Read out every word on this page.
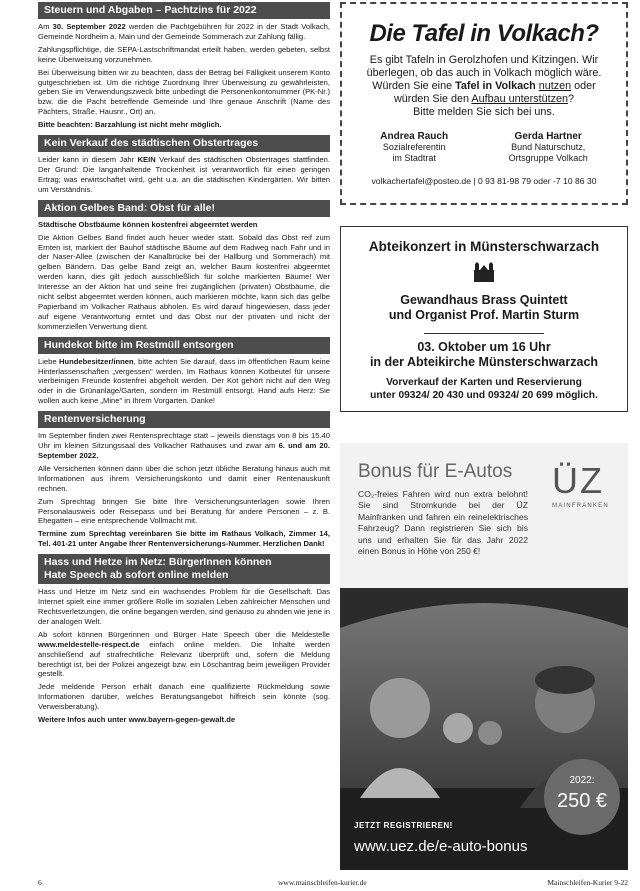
Steuern und Abgaben – Pachtzins für 2022

Am 30. September 2022 werden die Pachtgebühren für 2022 in der Stadt Volkach, Gemeinde Nordheim a. Main und der Gemeinde Sommerach zur Zahlung fällig.

Zahlungspflichtige, die SEPA-Lastschriftmandat erteilt haben, werden gebeten, selbst keine Überweisung vorzunehmen.

Bei Überweisung bitten wir zu beachten, dass der Betrag bei Fälligkeit unserem Konto gutgeschrieben ist. Um die richtige Zuordnung Ihrer Überweisung zu gewährleisten, geben Sie im Verwendungszweck bitte unbedingt die Personenkontonummer (PK-Nr.) bzw. die die Pacht betreffende Gemeinde und Ihre genaue Anschrift (Name des Pächters, Straße, Hausnr., Ort) an.

Bitte beachten: Barzahlung ist nicht mehr möglich.

Kein Verkauf des städtischen Obstertrages

Leider kann in diesem Jahr KEIN Verkauf des städtischen Obstertrages stattfinden. Der Grund: Die langanhaltende Trockenheit ist verantwortlich für einen geringen Ertrag; was erwirtschaftet wird, geht u.a. an die städtischen Kindergärten. Wir bitten um Verständnis.

Aktion Gelbes Band: Obst für alle!

Städtische Obstbäume können kostenfrei abgeerntet werden

Die Aktion Gelbes Band findet auch heuer wieder statt. Sobald das Obst reif zum Ernten ist, markiert der Bauhof städtische Bäume auf dem Radweg nach Fahr und in der Naser-Allee (zwischen der Kanalbrücke bei der Hallburg und Sommerach) mit gelben Bändern. Das gelbe Band zeigt an, welcher Baum kostenfrei abgeerntet werden kann, dies gilt jedoch ausschließlich für solche markierten Bäume! Wer Interesse an der Aktion hat und seine frei zugänglichen (privaten) Obstbäume, die nicht selbst abgeerntet werden können, auch markieren möchte, kann sich das gelbe Papierband im Volkacher Rathaus abholen. Es wird darauf hingewiesen, dass jeder auf eigene Verantwortung erntet und das Obst nur der privaten und nicht der kommerziellen Verwertung dient.

Hundekot bitte im Restmüll entsorgen

Liebe Hundebesitzer/innen, bitte achten Sie darauf, dass im öffentlichen Raum keine Hinterlassenschaften „vergessen" werden. Im Rathaus können Kotbeutel für unsere vierbeinigen Freunde kostenfrei abgeholt werden. Der Kot gehört nicht auf den Weg oder in die Grünanlage/Garten, sondern im Restmüll entsorgt. Hand aufs Herz: Sie wollen auch keine „Mine" in Ihrem Vorgarten. Danke!

Rentenversicherung

Im September finden zwei Rentensprechtage statt – jeweils dienstags von 8 bis 15.40 Uhr im kleinen Sitzungssaal des Volkacher Rathauses und zwar am 6. und am 20. September 2022.

Alle Versicherten können dann über die schon jetzt übliche Beratung hinaus auch mit Informationen aus ihrem Versicherungskonto und damit einer Rentenauskunft rechnen.

Zum Sprechtag bringen Sie bitte Ihre Versicherungsunterlagen sowie Ihren Personalausweis oder Reisepass und bei Beratung für andere Personen – z. B. Ehegatten – eine entsprechende Vollmacht mit.

Termine zum Sprechtag vereinbaren Sie bitte im Rathaus Volkach, Zimmer 14, Tel. 401-21 unter Angabe Ihrer Rentenversicherungs-Nummer. Herzlichen Dank!

Hass und Hetze im Netz: BürgerInnen können
Hate Speech ab sofort online melden

Hass und Hetze im Netz sind ein wachsendes Problem für die Gesellschaft. Das Internet spielt eine immer größere Rolle im sozialen Leben zahlreicher Menschen und Rechtsverletzungen, die online begangen werden, sind genauso zu ahnden wie jene in der analogen Welt.

Ab sofort können Bürgerinnen und Bürger Hate Speech über die Meldestelle www.meldestelle-respect.de einfach online melden. Die Inhalte werden anschließend auf strafrechtliche Relevanz überprüft und, sofern die Meldung berechtigt ist, bei der Polizei angezeigt bzw. ein Löschantrag beim jeweiligen Provider gestellt.

Jede meldende Person erhält danach eine qualifizierte Rückmeldung sowie Informationen darüber, welches Beratungsangebot hilfreich sein könnte (sog. Verweisberatung).

Weitere Infos auch unter www.bayern-gegen-gewalt.de

Die Tafel in Volkach?
Es gibt Tafeln in Gerolzhofen und Kitzingen. Wir
überlegen, ob das auch in Volkach möglich wäre.
Würden Sie eine Tafel in Volkach nutzen oder
würden Sie den Aufbau unterstützen?
Bitte melden Sie sich bei uns.
Andrea Rauch
Sozialreferentin
im Stadtrat
Gerda Hartner
Bund Naturschutz,
Ortsgruppe Volkach
volkachertafel@posteo.de | 0 93 81-98 79 oder -7 10 86 30
Abteikonzert in Münsterschwarzach
Gewandhaus Brass Quintett
und Organist Prof. Martin Sturm
03. Oktober um 16 Uhr
in der Abteikirche Münsterschwarzach
Vorverkauf der Karten und Reservierung
unter 09324/ 20 430 und 09324/ 20 699 möglich.
Bonus für E-Autos
CO₂-freies Fahren wird nun extra belohnt! Sie sind Stromkunde bei der ÜZ Mainfranken und fahren ein reinelektrisches Fahrzeug? Dann registrieren Sie sich bis uns und erhalten Sie für das Jahr 2022 einen Bonus in Höhe von 250 €!
ÜZ
MAINFRANKEN
2022:
250 €
JETZT REGISTRIEREN!
www.uez.de/e-auto-bonus
6	www.mainschleifen-kurier.de	Mainschleifen-Kurier 9-22
